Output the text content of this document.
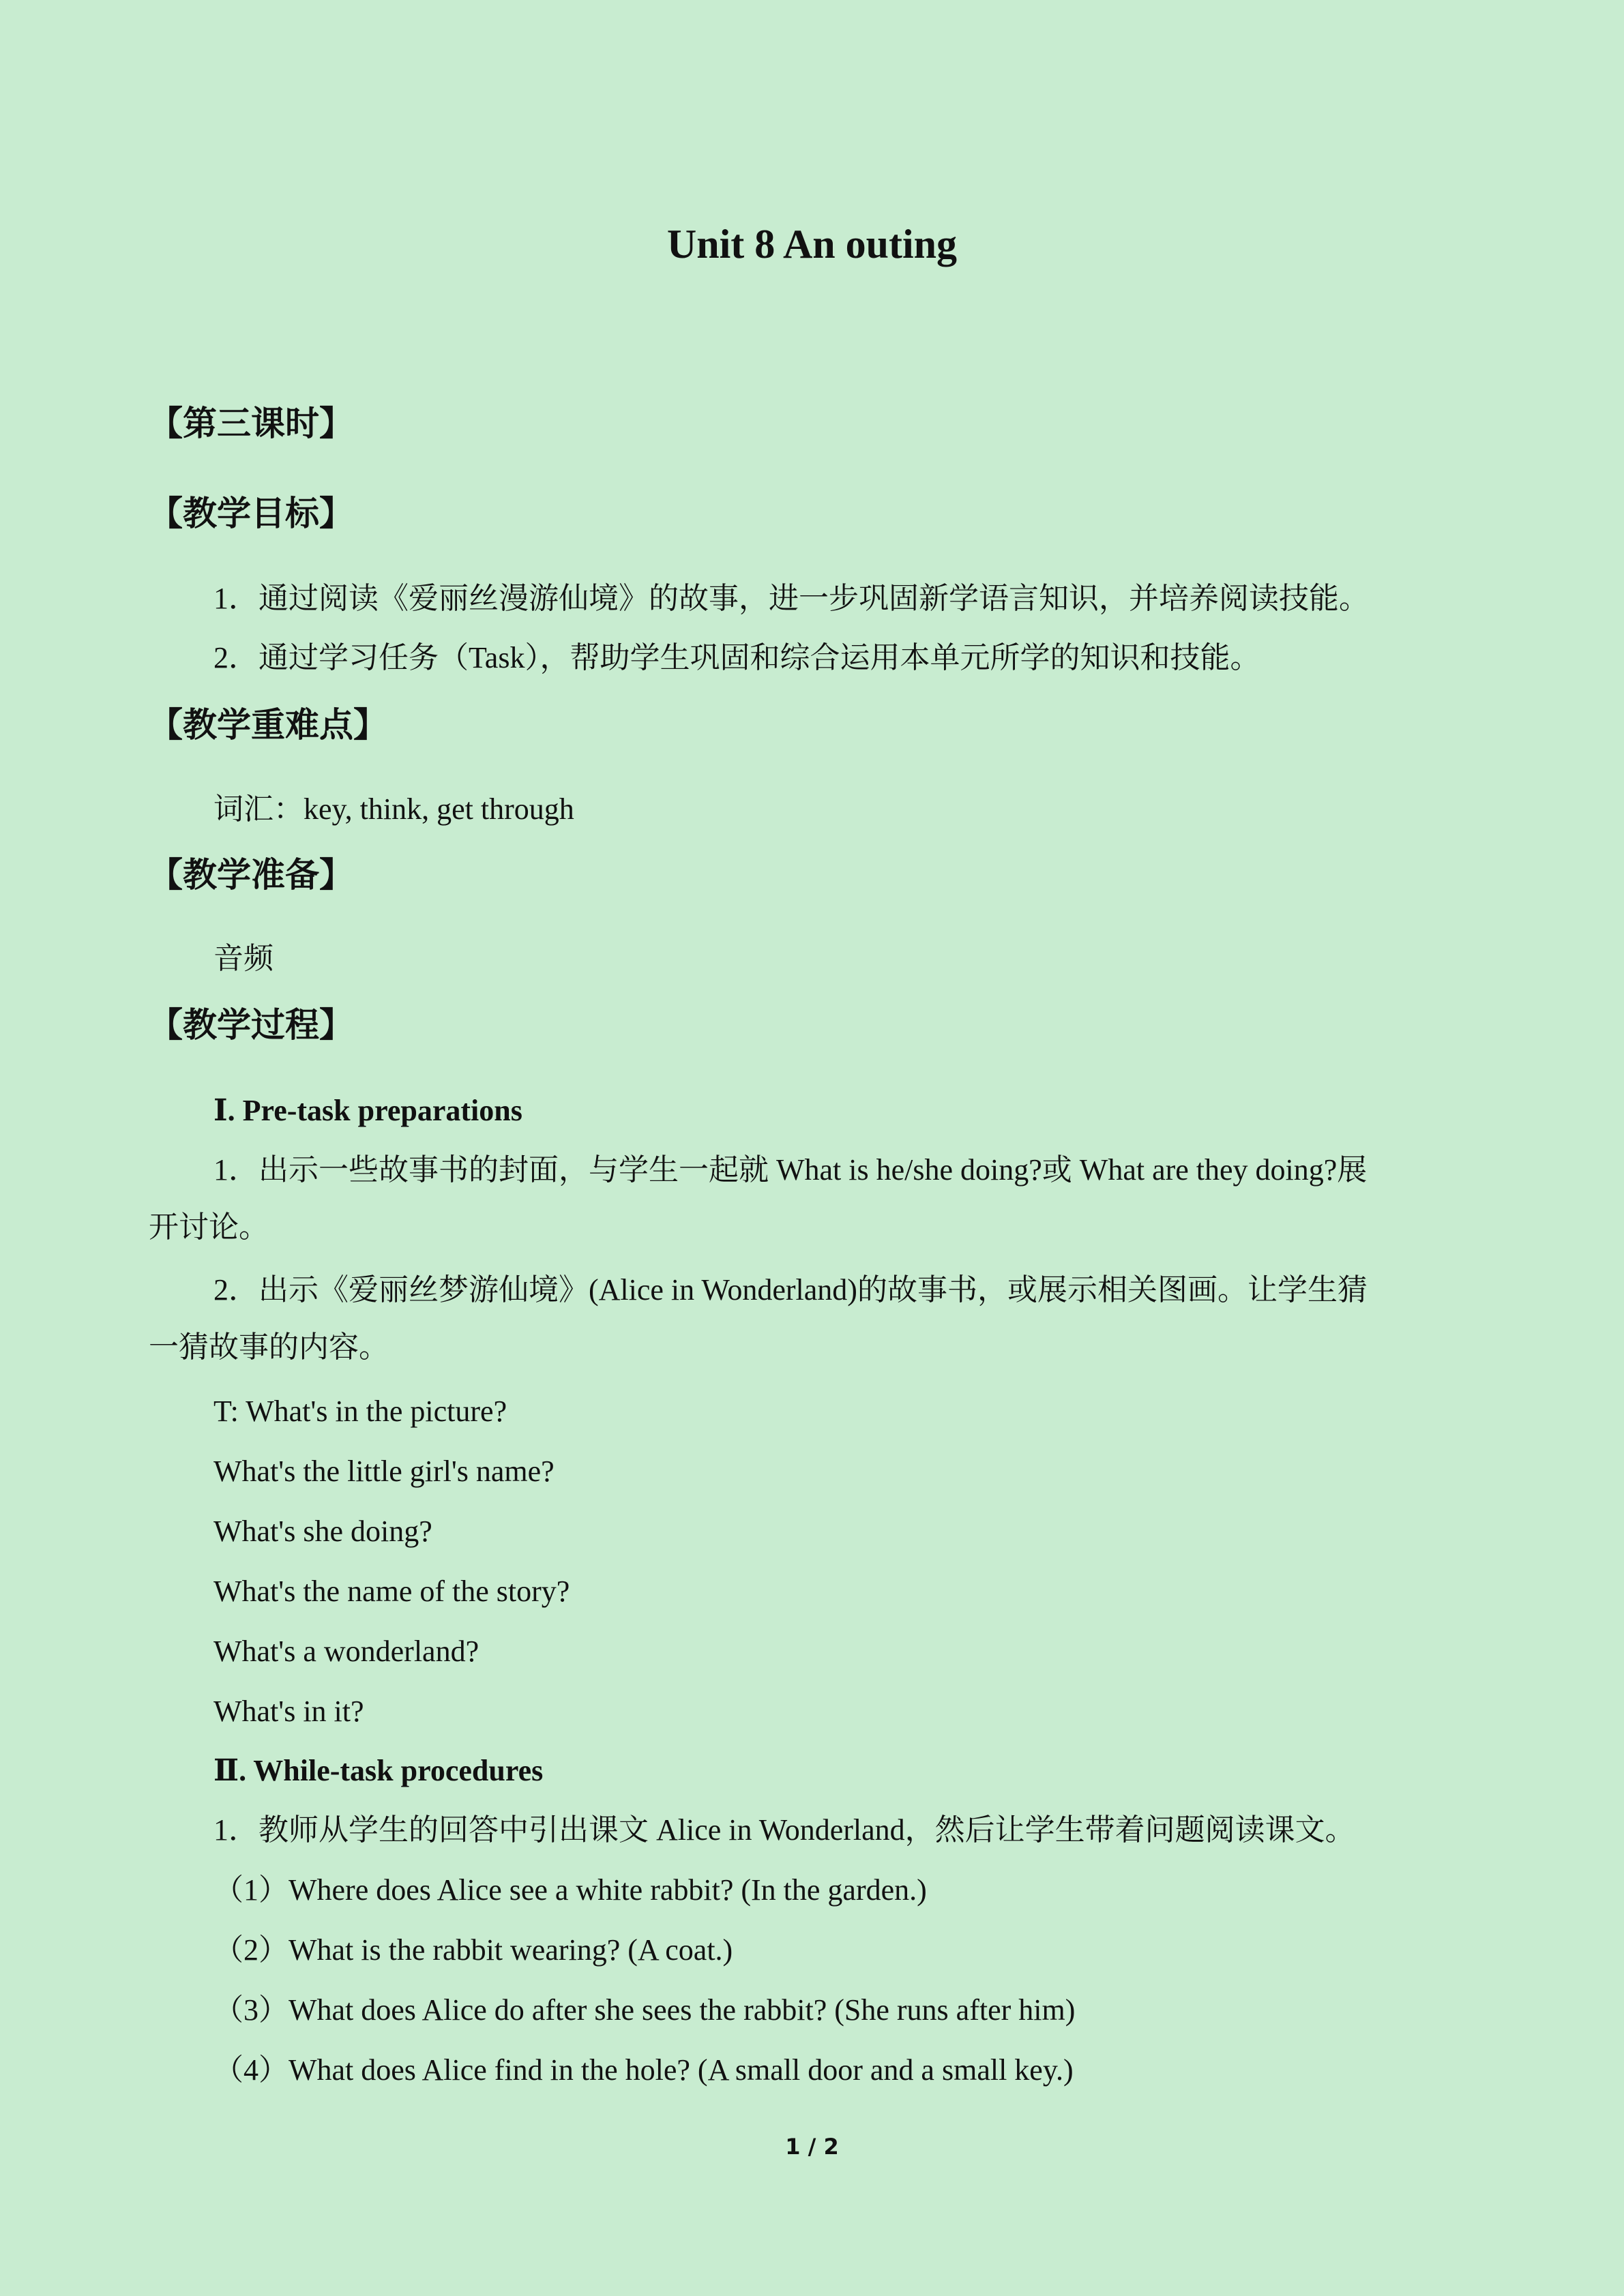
Unit 8 An outing
【第三课时】
【教学目标】
1．通过阅读《爱丽丝漫游仙境》的故事，进一步巩固新学语言知识，并培养阅读技能。
2．通过学习任务（Task），帮助学生巩固和综合运用本单元所学的知识和技能。
【教学重难点】
词汇：key, think, get through
【教学准备】
音频
【教学过程】
Ⅰ. Pre-task preparations
1．出示一些故事书的封面，与学生一起就 What is he/she doing?或 What are they doing?展
开讨论。
2．出示《爱丽丝梦游仙境》(Alice in Wonderland)的故事书，或展示相关图画。让学生猜
一猜故事的内容。
T: What's in the picture?
What's the little girl's name?
What's she doing?
What's the name of the story?
What's a wonderland?
What's in it?
Ⅱ. While-task procedures
1．教师从学生的回答中引出课文 Alice in Wonderland，然后让学生带着问题阅读课文。
（1）Where does Alice see a white rabbit? (In the garden.)
（2）What is the rabbit wearing? (A coat.)
（3）What does Alice do after she sees the rabbit? (She runs after him)
（4）What does Alice find in the hole? (A small door and a small key.)
1 / 2
